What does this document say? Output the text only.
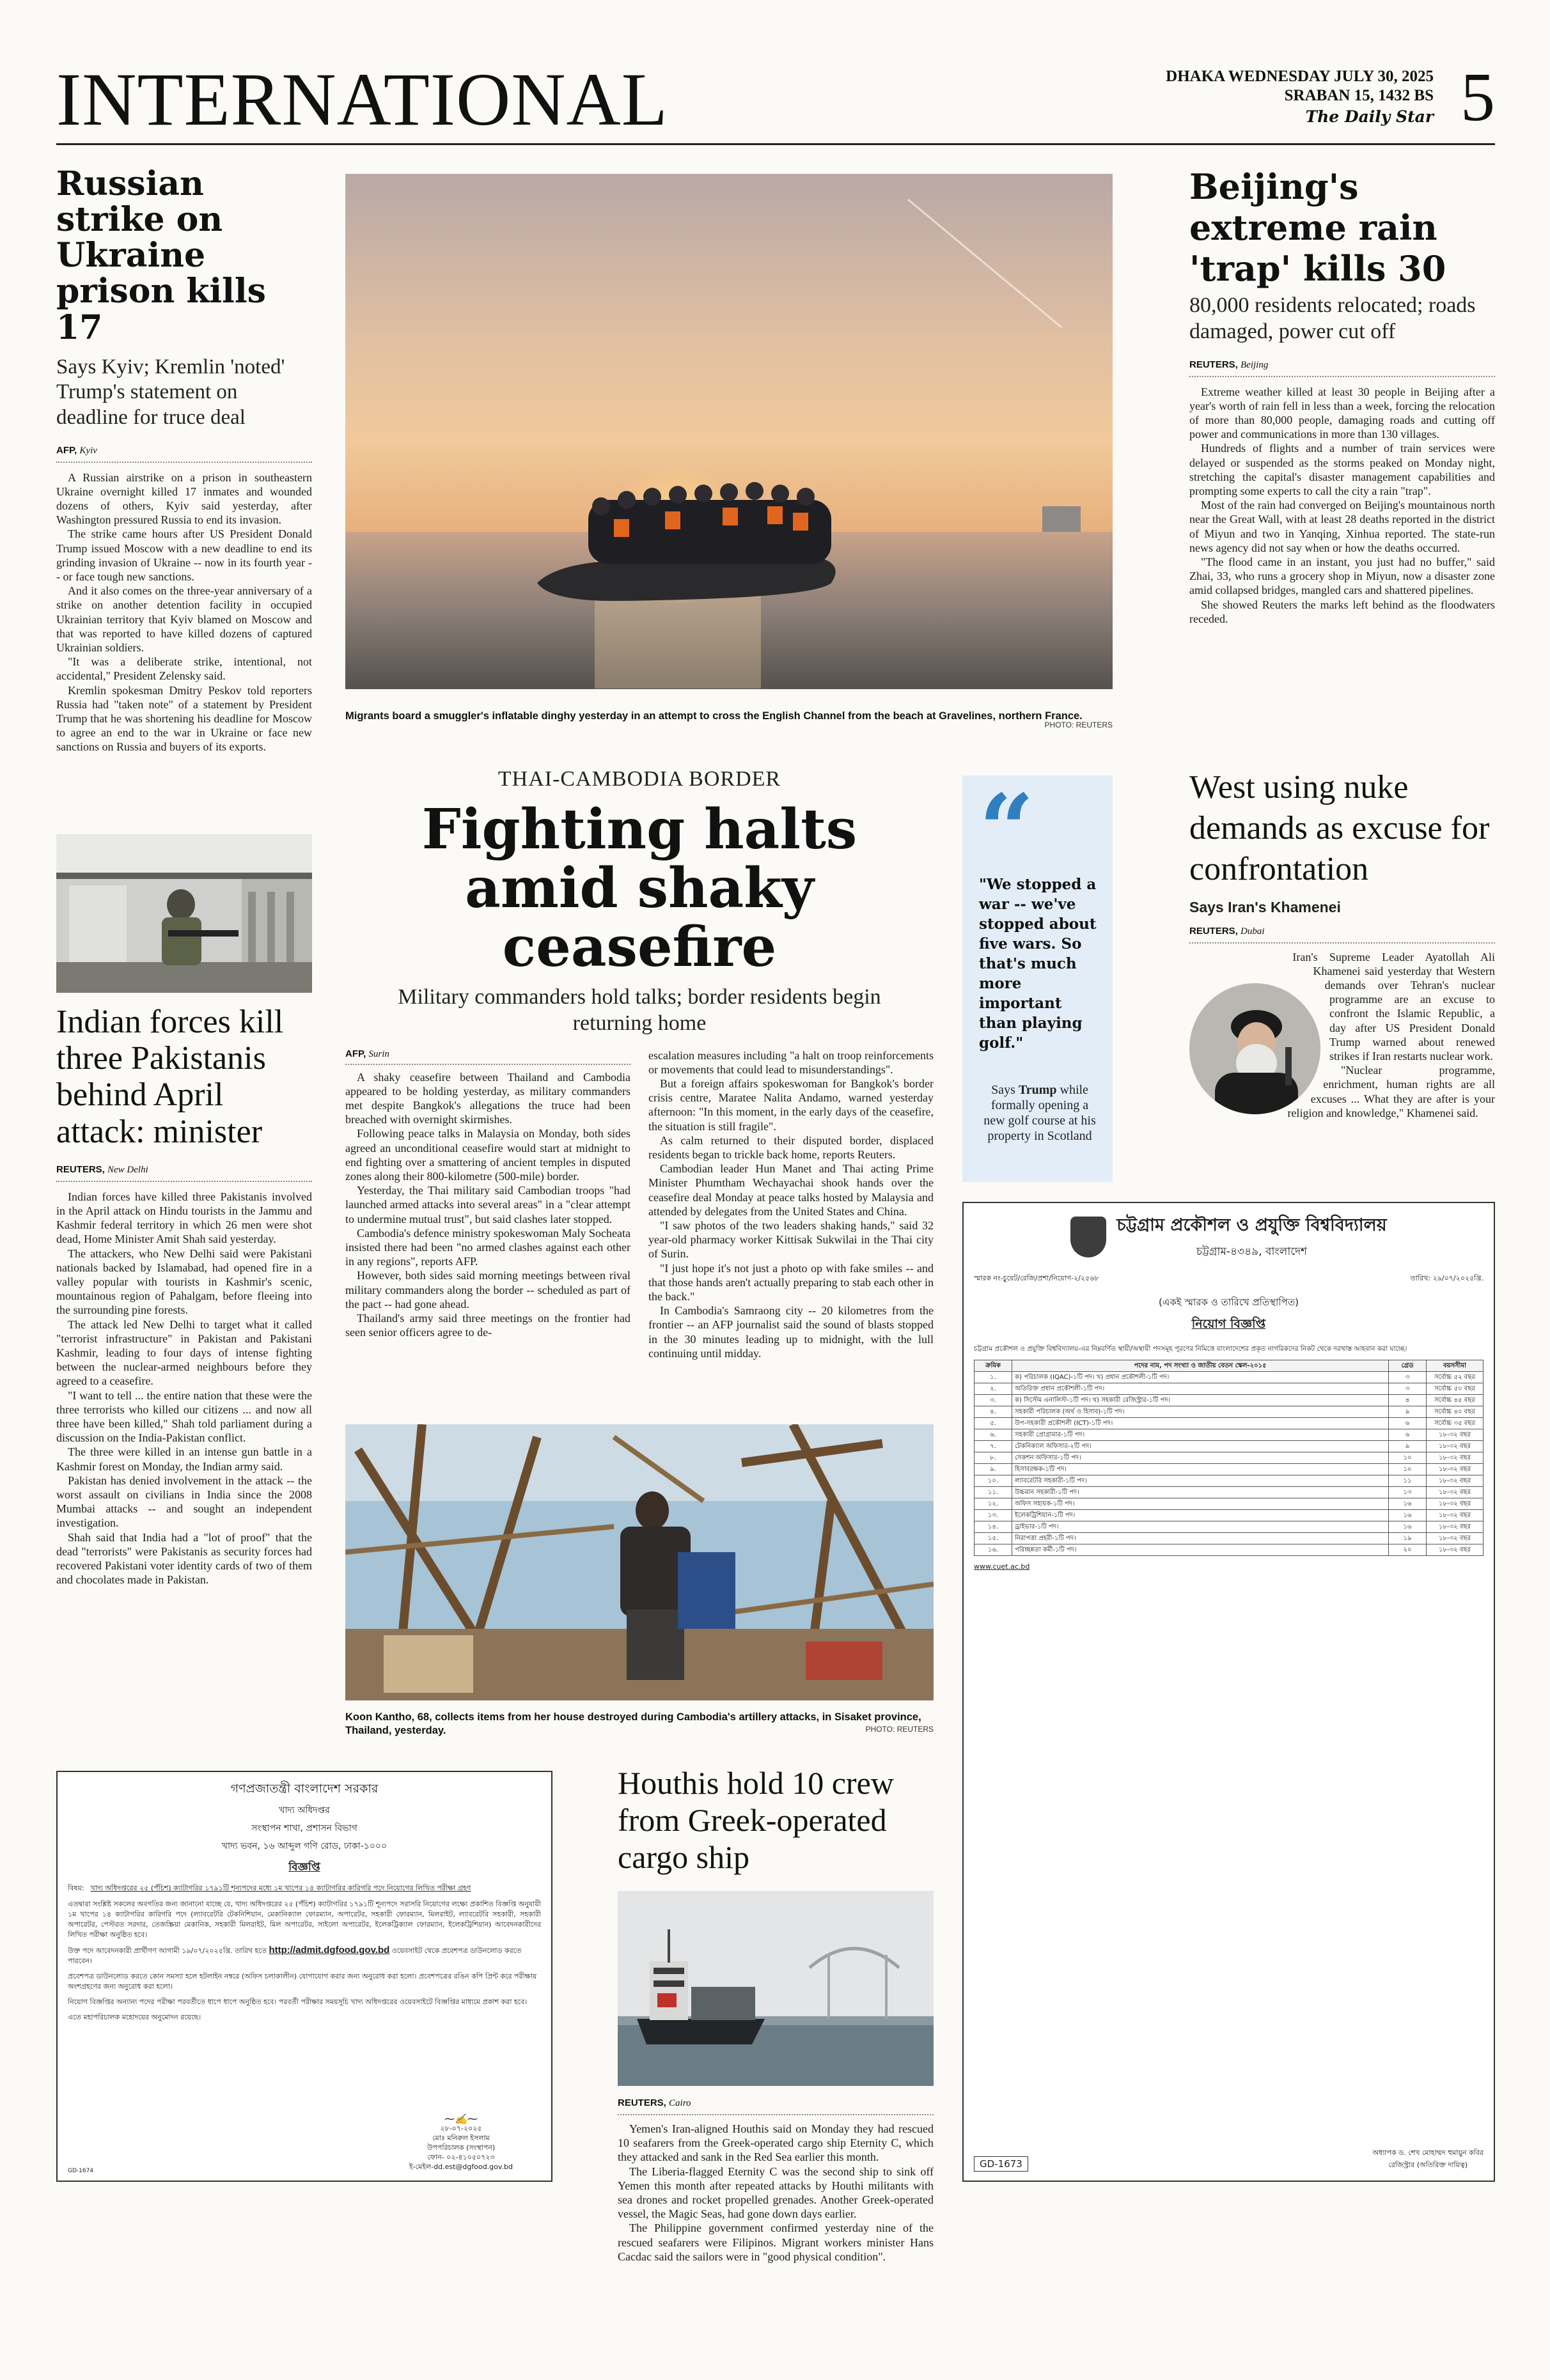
INTERNATIONAL	DHAKA WEDNESDAY JULY 30, 2025
SRABAN 15, 1432 BS
The Daily Star 5
Russian strike on Ukraine prison kills 17

Says Kyiv; Kremlin 'noted' Trump's statement on deadline for truce deal

AFP, Kyiv

A Russian airstrike on a prison in southeastern Ukraine overnight killed 17 inmates and wounded dozens of others, Kyiv said yesterday, after Washington pressured Russia to end its invasion.

The strike came hours after US President Donald Trump issued Moscow with a new deadline to end its grinding invasion of Ukraine -- now in its fourth year -- or face tough new sanctions.

And it also comes on the three-year anniversary of a strike on another detention facility in occupied Ukrainian territory that Kyiv blamed on Moscow and that was reported to have killed dozens of captured Ukrainian soldiers.

"It was a deliberate strike, intentional, not accidental," President Zelensky said.

Kremlin spokesman Dmitry Peskov told reporters Russia had "taken note" of a statement by President Trump that he was shortening his deadline for Moscow to agree an end to the war in Ukraine or face new sanctions on Russia and buyers of its exports.

Indian forces kill three Pakistanis behind April attack: minister
REUTERS, New Delhi

Indian forces have killed three Pakistanis involved in the April attack on Hindu tourists in the Jammu and Kashmir federal territory in which 26 men were shot dead, Home Minister Amit Shah said yesterday.

The attackers, who New Delhi said were Pakistani nationals backed by Islamabad, had opened fire in a valley popular with tourists in Kashmir's scenic, mountainous region of Pahalgam, before fleeing into the surrounding pine forests.

The attack led New Delhi to target what it called "terrorist infrastructure" in Pakistan and Pakistani Kashmir, leading to four days of intense fighting between the nuclear-armed neighbours before they agreed to a ceasefire.

"I want to tell ... the entire nation that these were the three terrorists who killed our citizens ... and now all three have been killed," Shah told parliament during a discussion on the India-Pakistan conflict.

The three were killed in an intense gun battle in a Kashmir forest on Monday, the Indian army said.

Pakistan has denied involvement in the attack -- the worst assault on civilians in India since the 2008 Mumbai attacks -- and sought an independent investigation.

Shah said that India had a "lot of proof" that the dead "terrorists" were Pakistanis as security forces had recovered Pakistani voter identity cards of two of them and chocolates made in Pakistan.

Migrants board a smuggler's inflatable dinghy yesterday in an attempt to cross the English Channel from the beach at Gravelines, northern France.
PHOTO: REUTERS
THAI-CAMBODIA BORDER
Fighting halts amid shaky ceasefire

Military commanders hold talks; border residents begin returning home

AFP, Surin

A shaky ceasefire between Thailand and Cambodia appeared to be holding yesterday, as military commanders met despite Bangkok's allegations the truce had been breached with overnight skirmishes.

Following peace talks in Malaysia on Monday, both sides agreed an unconditional ceasefire would start at midnight to end fighting over a smattering of ancient temples in disputed zones along their 800-kilometre (500-mile) border.

Yesterday, the Thai military said Cambodian troops "had launched armed attacks into several areas" in a "clear attempt to undermine mutual trust", but said clashes later stopped.

Cambodia's defence ministry spokeswoman Maly Socheata insisted there had been "no armed clashes against each other in any regions", reports AFP.

However, both sides said morning meetings between rival military commanders along the border -- scheduled as part of the pact -- had gone ahead.

Thailand's army said three meetings on the frontier had seen senior officers agree to de-

escalation measures including "a halt on troop reinforcements or movements that could lead to misunderstandings".

But a foreign affairs spokeswoman for Bangkok's border crisis centre, Maratee Nalita Andamo, warned yesterday afternoon: "In this moment, in the early days of the ceasefire, the situation is still fragile".

As calm returned to their disputed border, displaced residents began to trickle back home, reports Reuters.

Cambodian leader Hun Manet and Thai acting Prime Minister Phumtham Wechayachai shook hands over the ceasefire deal Monday at peace talks hosted by Malaysia and attended by delegates from the United States and China.

"I saw photos of the two leaders shaking hands," said 32 year-old pharmacy worker Kittisak Sukwilai in the Thai city of Surin.

"I just hope it's not just a photo op with fake smiles -- and that those hands aren't actually preparing to stab each other in the back."

In Cambodia's Samraong city -- 20 kilometres from the frontier -- an AFP journalist said the sound of blasts stopped in the 30 minutes leading up to midnight, with the lull continuing until midday.

“
"We stopped a war -- we've stopped about five wars. So that's much more important than playing golf."
Says Trump while formally opening a new golf course at his property in Scotland
Koon Kantho, 68, collects items from her house destroyed during Cambodia's artillery attacks, in Sisaket province, Thailand, yesterday.	PHOTO: REUTERS
Beijing's extreme rain 'trap' kills 30

80,000 residents relocated; roads damaged, power cut off

REUTERS, Beijing

Extreme weather killed at least 30 people in Beijing after a year's worth of rain fell in less than a week, forcing the relocation of more than 80,000 people, damaging roads and cutting off power and communications in more than 130 villages.

Hundreds of flights and a number of train services were delayed or suspended as the storms peaked on Monday night, stretching the capital's disaster management capabilities and prompting some experts to call the city a rain "trap".

Most of the rain had converged on Beijing's mountainous north near the Great Wall, with at least 28 deaths reported in the district of Miyun and two in Yanqing, Xinhua reported. The state-run news agency did not say when or how the deaths occurred.

"The flood came in an instant, you just had no buffer," said Zhai, 33, who runs a grocery shop in Miyun, now a disaster zone amid collapsed bridges, mangled cars and shattered pipelines.

She showed Reuters the marks left behind as the floodwaters receded.

West using nuke demands as excuse for confrontation

Says Iran's Khamenei

REUTERS, Dubai

Iran's Supreme Leader Ayatollah Ali Khamenei said yesterday that Western demands over Tehran's nuclear programme are an excuse to confront the Islamic Republic, a day after US President Donald Trump warned about renewed strikes if Iran restarts nuclear work.

"Nuclear programme, enrichment, human rights are all excuses ... What they are after is your religion and knowledge," Khamenei said.

চট্টগ্রাম প্রকৌশল ও প্রযুক্তি বিশ্ববিদ্যালয়
চট্টগ্রাম-৪৩৪৯, বাংলাদেশ
স্মারক নং-চুয়েট/রেজি/প্রশা/নিয়োগ-২/২৫৬৮	তারিখ: ২৯/০৭/২০২৫খ্রি.
(একই স্মারক ও তারিখে প্রতিস্থাপিত)
নিয়োগ বিজ্ঞপ্তি
চট্টগ্রাম প্রকৌশল ও প্রযুক্তি বিশ্ববিদ্যালয়-এর নিম্নবর্ণিত স্থায়ী/অস্থায়ী পদসমূহ পূরণের নিমিত্তে বাংলাদেশের প্রকৃত নাগরিকদের নিকট থেকে দরখাস্ত আহবান করা যাচ্ছে।
ক্রমিক	পদের নাম, পদ সংখ্যা ও জাতীয় বেতন স্কেল-২০১৫	গ্রেড	বয়সসীমা
১.	ক) পরিচালক (IQAC)-১টি পদ। খ) প্রধান প্রকৌশলী-১টি পদ।	৩	সর্বোচ্চ ৫২ বছর
২.	অতিরিক্ত প্রধান প্রকৌশলী-১টি পদ।	৩	সর্বোচ্চ ৫০ বছর
৩.	ক) সিস্টেম এনালিস্ট-১টি পদ। খ) সহকারী রেজিস্ট্রার-১টি পদ।	৪	সর্বোচ্চ ৪৫ বছর
৪.	সহকারী পরিচালক (অর্থ ও হিসাব)-১টি পদ।	৯	সর্বোচ্চ ৪০ বছর
৫.	উপ-সহকারী প্রকৌশলী (ICT)-১টি পদ।	৬	সর্বোচ্চ ৩৫ বছর
৬.	সহকারী প্রোগ্রামার-১টি পদ।	৬	১৮-৩২ বছর
৭.	টেকনিক্যাল অফিসার-২টি পদ।	৯	১৮-৩২ বছর
৮.	সেকশন অফিসার-১টি পদ।	১০	১৮-৩২ বছর
৯.	হিসাবরক্ষক-১টি পদ।	১০	১৮-৩২ বছর
১০.	ল্যাবরেটরি সহকারী-১টি পদ।	১১	১৮-৩২ বছর
১১.	উচ্চমান সহকারী-১টি পদ।	১৩	১৮-৩২ বছর
১২.	অফিস সহায়ক-১টি পদ।	১৬	১৮-৩২ বছর
১৩.	ইলেকট্রিশিয়ান-১টি পদ।	১৬	১৮-৩২ বছর
১৪.	ড্রাইভার-১টি পদ।	১৬	১৮-৩২ বছর
১৫.	নিরাপত্তা প্রহরী-১টি পদ।	১৯	১৮-৩২ বছর
১৬.	পরিচ্ছন্নতা কর্মী-১টি পদ।	২০	১৮-৩২ বছর
www.cuet.ac.bd
GD-1673
অধ্যাপক ড. শেখ মোহাম্মদ হুমায়ুন কবির
রেজিস্ট্রার (অতিরিক্ত দায়িত্ব)
গণপ্রজাতন্ত্রী বাংলাদেশ সরকার
খাদ্য অধিদপ্তর
সংস্থাপন শাখা, প্রশাসন বিভাগ
খাদ্য ভবন, ১৬ আব্দুল গণি রোড, ঢাকা-১০০০
বিজ্ঞপ্তি
বিষয়: খাদ্য অধিদপ্তরের ২৫ (পঁচিশ) ক্যাটাগরির ১৭৯১টি শূন্যপদের মধ্যে ১ম খাপের ১৪ ক্যাটাগরির কারিগরি পদে নিয়োগের লিখিত পরীক্ষা গ্রহণ
এতদ্বারা সংশ্লিষ্ট সকলের অবগতির জন্য জানানো যাচ্ছে যে, খাদ্য অধিদপ্তরের ২৫ (পঁচিশ) ক্যাটাগরির ১৭৯১টি শূন্যপদে সরাসরি নিয়োগের লক্ষ্যে প্রকাশিত বিজ্ঞপ্তি অনুযায়ী ১ম খাপের ১৪ ক্যাটাগরির কারিগরি পদে (ল্যাবরেটরি টেকনিশিয়ান, মেকানিক্যাল ফোরম্যান, অপারেটর, সহকারী ফোরম্যান, মিলরাইট, ল্যাবরেটরি সহকারী, সহকারী অপারেটর, পেস্টরত সরদার, তেজস্ক্রিয়া মেকানিক, সহকারী মিলরাইট, মিল অপারেটর, সাইলো অপারেটর, ইলেকট্রিক্যাল ফোরম্যান, ইলেকট্রিশিয়ান) আবেদনকারীদের লিখিত পরীক্ষা অনুষ্ঠিত হবে।
উক্ত পদে আবেদনকারী প্রার্থীগণ আগামী ১৯/০৭/২০২৫খ্রি. তারিখ হতে http://admit.dgfood.gov.bd ওয়েবসাইট থেকে প্রবেশপত্র ডাউনলোড করতে পারবেন।
প্রবেশপত্র ডাউনলোড করতে কোন সমস্যা হলে হটলাইন নম্বরে (অফিস চলাকালীন) যোগাযোগ করার জন্য অনুরোধ করা হলো। প্রবেশপত্রের রঙিন কপি প্রিন্ট করে পরীক্ষায় অংশগ্রহণের জন্য অনুরোধ করা হলো।
নিয়োগ বিজ্ঞপ্তির অন্যান্য পদের পরীক্ষা পরবর্তীতে ধাপে ধাপে অনুষ্ঠিত হবে। পরবর্তী পরীক্ষার সময়সূচি খাদ্য অধিদপ্তরের ওয়েবসাইটে বিজ্ঞপ্তির মাধ্যমে প্রকাশ করা হবে।
এতে মহাপরিচালক মহোদয়ের অনুমোদন রয়েছে।
⁓✍⁓
২৮-০৭-২০২৫
মোঃ মনিরুল ইসলাম
উপপরিচালক (সংস্থাপন)
ফোন- ০২-৪১০৫০৭২৩
ই-মেইল-dd.est@dgfood.gov.bd
GD-1674
Houthis hold 10 crew from Greek-operated cargo ship
REUTERS, Cairo

Yemen's Iran-aligned Houthis said on Monday they had rescued 10 seafarers from the Greek-operated cargo ship Eternity C, which they attacked and sank in the Red Sea earlier this month.

The Liberia-flagged Eternity C was the second ship to sink off Yemen this month after repeated attacks by Houthi militants with sea drones and rocket propelled grenades. Another Greek-operated vessel, the Magic Seas, had gone down days earlier.

The Philippine government confirmed yesterday nine of the rescued seafarers were Filipinos. Migrant workers minister Hans Cacdac said the sailors were in "good physical condition".
